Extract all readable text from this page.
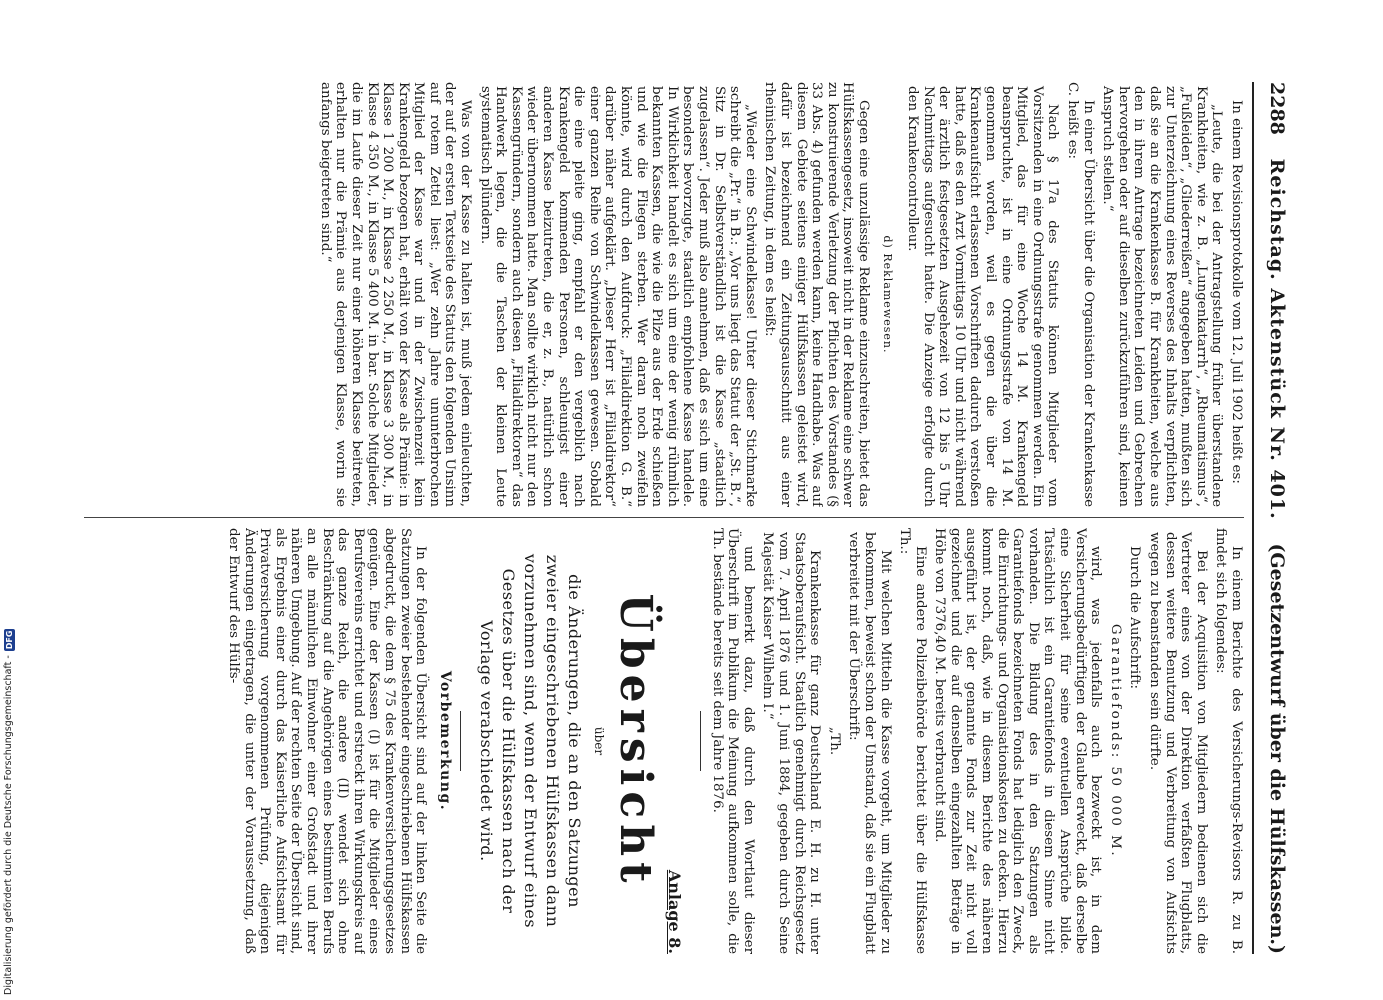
Digitalisierung gefördert durch die Deutsche Forschungsgemeinschaft -
DFG
2288
Reichstag. Aktenstück Nr. 401.
(Gesetzentwurf über die Hülfskassen.)

In einem Revisionsprotokolle vom 12. Juli 1902 heißt es:

„Leute, die bei der Antragstellung früher überstandene Krankheiten, wie z. B. „Lungenkatarrh“, „Rheumatismus“, „Fußleiden“, „Gliederreißen“ angegeben hatten, mußten sich zur Unterzeichnung eines Reverses des Inhalts verpflichten, daß sie an die Krankenkasse B. für Krankheiten, welche aus den in ihrem Antrage bezeichneten Leiden und Gebrechen hervorgehen oder auf dieselben zurückzuführen sind, keinen Anspruch stellen.“

In einer Übersicht über die Organisation der Krankenkasse C. heißt es:

Nach § 17a des Statuts können Mitglieder vom Vorsitzenden in eine Ordnungsstrafe genommen werden. Ein Mitglied, das für eine Woche 14 M. Krankengeld beanspruchte, ist in eine Ordnungsstrafe von 14 M. genommen worden, weil es gegen die über die Krankenaufsicht erlassenen Vorschriften dadurch verstoßen hatte, daß es den Arzt Vormittags 10 Uhr und nicht während der ärztlich festgesetzten Ausgehezeit von 12 bis 5 Uhr Nachmittags aufgesucht hatte. Die Anzeige erfolgte durch den Krankencontrolleur.

d) Reklamewesen.

Gegen eine unzulässige Reklame einzuschreiten, bietet das Hülfskassengesetz, insoweit nicht in der Reklame eine schwer zu konstruierende Verletzung der Pflichten des Vorstandes (§ 33 Abs. 4) gefunden werden kann, keine Handhabe. Was auf diesem Gebiete seitens einiger Hülfskassen geleistet wird, dafür ist bezeichnend ein Zeitungsausschnitt aus einer rheinischen Zeitung, in dem es heißt:

„Wieder eine Schwindelkasse! Unter dieser Stichmarke schreibt die „Pr.“ in B.: „Vor uns liegt das Statut der „St. B.“, Sitz in Dr. Selbstverständlich ist die Kasse „staatlich zugelassen“. Jeder muß also annehmen, daß es sich um eine besonders bevorzugte, staatlich empfohlene Kasse handele. In Wirklichkeit handelt es sich um eine der wenig rühmlich bekannten Kassen, die wie die Pilze aus der Erde schießen und wie die Fliegen sterben. Wer daran noch zweifeln könnte, wird durch den Aufdruck: „Filialdirektion G. B.“ darüber näher aufgeklärt. „Dieser Herr ist „Filialdirektor“ einer ganzen Reihe von Schwindelkassen gewesen. Sobald die eine pleite ging, empfahl er den vergeblich nach Krankengeld kommenden Personen, schleunigst einer anderen Kasse beizutreten, die er, z. B., natürlich schon wieder übernommen hatte. Man sollte wirklich nicht nur den Kassengründern, sondern auch diesen „Filialdirektoren“ das Handwerk legen, die die Taschen der kleinen Leute systematisch plündern.

Was von der Kasse zu halten ist, muß jedem einleuchten, der auf der ersten Textseite des Statuts den folgenden Unsinn auf rotem Zettel liest: „Wer zehn Jahre ununterbrochen Mitglied der Kasse war und in der Zwischenzeit kein Krankengeld bezogen hat, erhält von der Kasse als Prämie: in Klasse 1 200 M., in Klasse 2 250 M., in Klasse 3 300 M., in Klasse 4 350 M., in Klasse 5 400 M. in bar. Solche Mitglieder, die im Laufe dieser Zeit nur einer höheren Klasse beitreten, erhalten nur die Prämie aus derjenigen Klasse, worin sie anfangs beigetreten sind.“

In einem Berichte des Versicherungs-Revisors R. zu B. findet sich folgendes:

Bei der Acquisition von Mitgliedern bedienen sich die Vertreter eines von der Direktion verfaßten Flugblatts, dessen weitere Benutzung und Verbreitung von Aufsichts wegen zu beanstanden sein dürfte.

Durch die Aufschrift:

Garantiefonds: 50 000 M.

wird, was jedenfalls auch bezweckt ist, in dem Versicherungsbedürftigen der Glaube erweckt, daß derselbe eine Sicherheit für seine eventuellen Ansprüche bilde. Tatsächlich ist ein Garantiefonds in diesem Sinne nicht vorhanden. Die Bildung des in den Satzungen als Garantiefonds bezeichneten Fonds hat lediglich den Zweck, die Einrichtungs- und Organisationskosten zu decken. Hierzu kommt noch, daß, wie in diesem Berichte des näheren ausgeführt ist, der genannte Fonds zur Zeit nicht voll gezeichnet und die auf denselben eingezahlten Beträge in Höhe von 7376,40 M. bereits verbraucht sind.

Eine andere Polizeibehörde berichtet über die Hülfskasse Th.:

Mit welchen Mitteln die Kasse vorgeht, um Mitglieder zu bekommen, beweist schon der Umstand, daß sie ein Flugblatt verbreitet mit der Überschrift:

„Th.

Krankenkasse für ganz Deutschland E. H. zu H. unter Staatsoberaufsicht. Staatlich genehmigt durch Reichsgesetz vom 7. April 1876 und 1. Juni 1884, gegeben durch Seine Majestät Kaiser Wilhelm I.“

und bemerkt dazu, daß durch den Wortlaut dieser Überschrift im Publikum die Meinung aufkommen solle, die Th. bestände bereits seit dem Jahre 1876.

Anlage 8.
Übersicht
über
die Änderungen, die an den Satzungen zweier eingeschriebenen Hülfskassen dann vorzunehmen sind, wenn der Entwurf eines Gesetzes über die Hülfskassen nach der Vorlage verabschiedet wird.
Vorbemerkung.

In der folgenden Übersicht sind auf der linken Seite die Satzungen zweier bestehender eingeschriebenen Hülfskassen abgedruckt, die dem § 75 des Krankenversicherungsgesetzes genügen. Eine der Kassen (I) ist für die Mitglieder eines Berufsvereins errichtet und erstreckt ihren Wirkungskreis auf das ganze Reich, die andere (II) wendet sich ohne Beschränkung auf die Angehörigen eines bestimmten Berufs an alle männlichen Einwohner einer Großstadt und ihrer näheren Umgebung. Auf der rechten Seite der Übersicht sind, als Ergebnis einer durch das Kaiserliche Aufsichtsamt für Privatversicherung vorgenommenen Prüfung, diejenigen Änderungen eingetragen, die unter der Voraussetzung, daß der Entwurf des Hülfs-
